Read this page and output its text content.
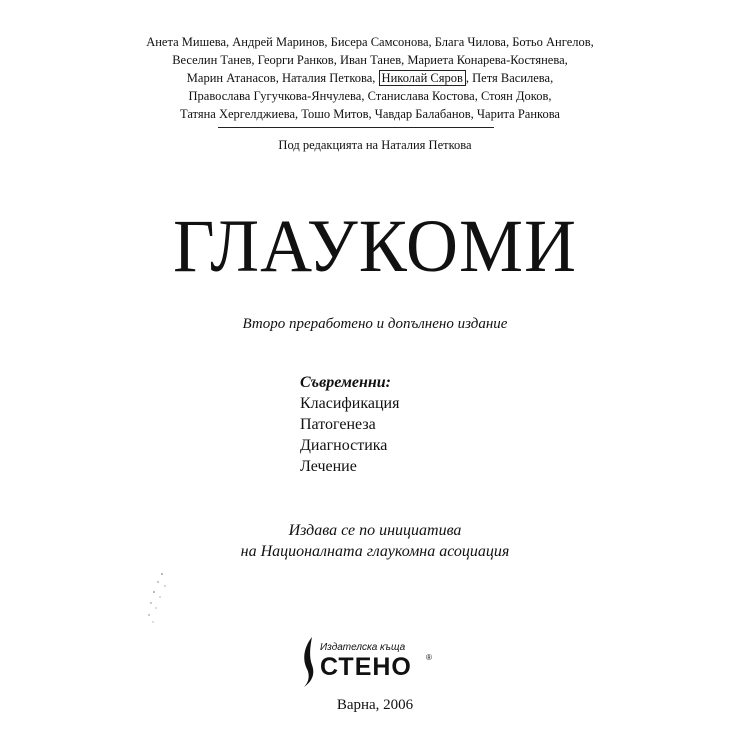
Анета Мишева, Андрей Маринов, Бисера Самсонова, Блага Чилова, Ботьо Ангелов,
Веселин Танев, Георги Ранков, Иван Танев, Мариета Конарева-Костянева,
Марин Атанасов, Наталия Петкова, Николай Сяров , Петя Василева,
Православа Гугучкова-Янчулева, Станислава Костова, Стоян Доков,
Татяна Хергелджиева, Тошо Митов, Чавдар Балабанов, Чарита Ранкова
Под редакцията на Наталия Петкова
ГЛАУКОМИ
Второ преработено и допълнено издание
Съвременни:
Класификация
Патогенеза
Диагностика
Лечение
Издава се по инициатива
на Националната глаукомна асоциация
Издателска къща
СТЕНО ®
Варна, 2006
